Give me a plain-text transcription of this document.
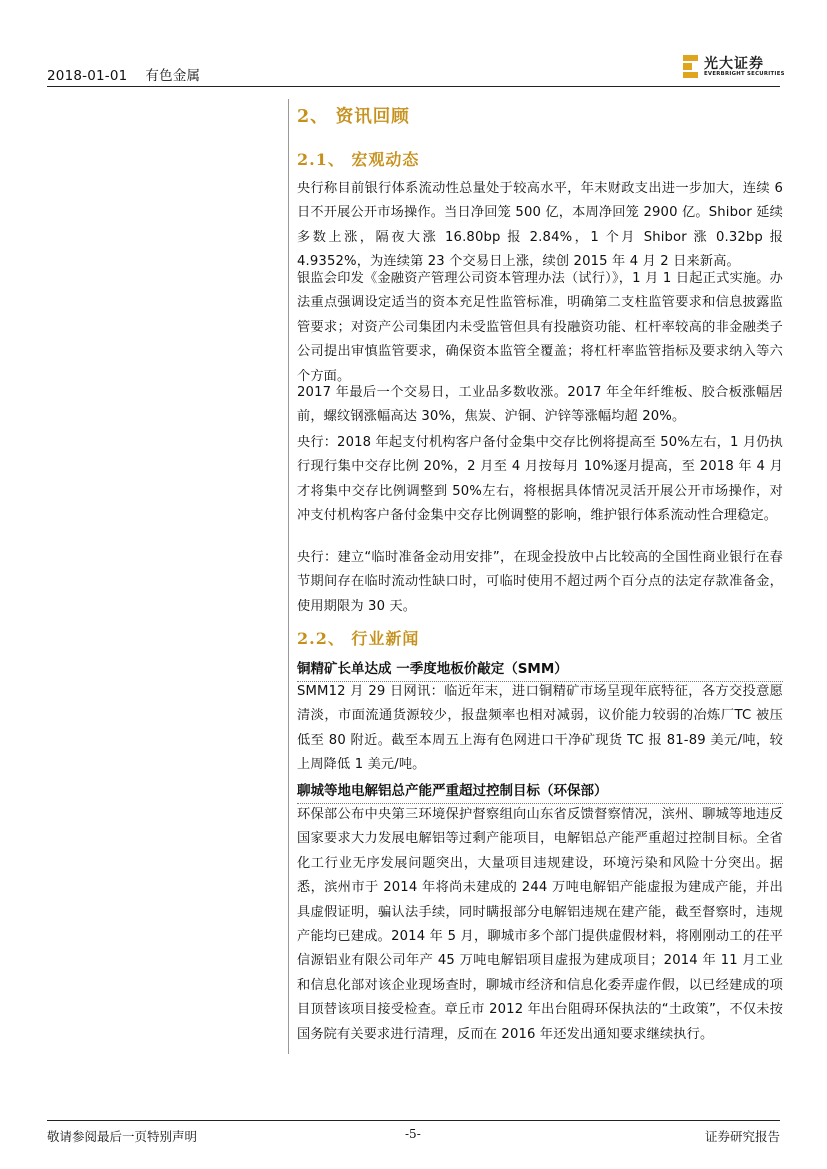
2018-01-01    有色金属
光大证券
EVERBRIGHT SECURITIES
2、 资讯回顾
2.1、 宏观动态
央行称目前银行体系流动性总量处于较高水平，年末财政支出进一步加大，连续 6 日不开展公开市场操作。当日净回笼 500 亿，本周净回笼 2900 亿。Shibor 延续多数上涨，隔夜大涨 16.80bp 报 2.84%，1 个月 Shibor 涨 0.32bp 报 4.9352%，为连续第 23 个交易日上涨，续创 2015 年 4 月 2 日来新高。
银监会印发《金融资产管理公司资本管理办法（试行）》，1 月 1 日起正式实施。办法重点强调设定适当的资本充足性监管标准，明确第二支柱监管要求和信息披露监管要求；对资产公司集团内未受监管但具有投融资功能、杠杆率较高的非金融类子公司提出审慎监管要求，确保资本监管全覆盖；将杠杆率监管指标及要求纳入等六个方面。
2017 年最后一个交易日，工业品多数收涨。2017 年全年纤维板、胶合板涨幅居前，螺纹钢涨幅高达 30%，焦炭、沪铜、沪锌等涨幅均超 20%。
央行：2018 年起支付机构客户备付金集中交存比例将提高至 50%左右，1 月仍执行现行集中交存比例 20%，2 月至 4 月按每月 10%逐月提高，至 2018 年 4 月才将集中交存比例调整到 50%左右，将根据具体情况灵活开展公开市场操作，对冲支付机构客户备付金集中交存比例调整的影响，维护银行体系流动性合理稳定。
央行：建立“临时准备金动用安排”，在现金投放中占比较高的全国性商业银行在春节期间存在临时流动性缺口时，可临时使用不超过两个百分点的法定存款准备金，使用期限为 30 天。
2.2、 行业新闻
铜精矿长单达成 一季度地板价敲定（SMM）
SMM12 月 29 日网讯：临近年末，进口铜精矿市场呈现年底特征，各方交投意愿清淡，市面流通货源较少，报盘频率也相对减弱，议价能力较弱的冶炼厂TC 被压低至 80 附近。截至本周五上海有色网进口干净矿现货 TC 报 81-89 美元/吨，较上周降低 1 美元/吨。
聊城等地电解铝总产能严重超过控制目标（环保部）
环保部公布中央第三环境保护督察组向山东省反馈督察情况，滨州、聊城等地违反国家要求大力发展电解铝等过剩产能项目，电解铝总产能严重超过控制目标。全省化工行业无序发展问题突出，大量项目违规建设，环境污染和风险十分突出。据悉，滨州市于 2014 年将尚未建成的 244 万吨电解铝产能虚报为建成产能，并出具虚假证明，骗认法手续，同时瞒报部分电解铝违规在建产能，截至督察时，违规产能均已建成。2014 年 5 月，聊城市多个部门提供虚假材料，将刚刚动工的茌平信源铝业有限公司年产 45 万吨电解铝项目虚报为建成项目；2014 年 11 月工业和信息化部对该企业现场查时，聊城市经济和信息化委弄虚作假，以已经建成的项目顶替该项目接受检查。章丘市 2012 年出台阻碍环保执法的“土政策”，不仅未按国务院有关要求进行清理，反而在 2016 年还发出通知要求继续执行。
敬请参阅最后一页特别声明	-5-	证券研究报告
